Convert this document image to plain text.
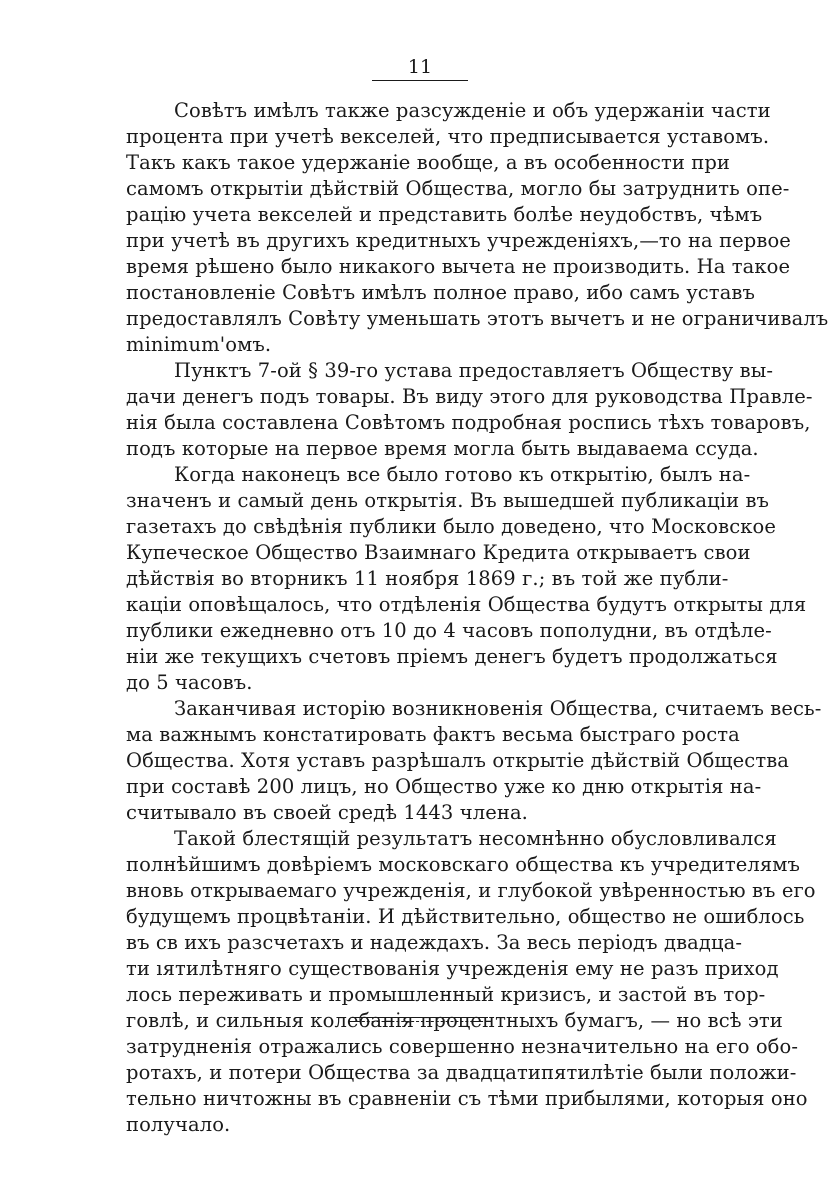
11

Совѣтъ имѣлъ также разсужденіе и объ удержаніи части
процента при учетѣ векселей, что предписывается уставомъ.
Такъ какъ такое удержаніе вообще, а въ особенности при
самомъ открытіи дѣйствій Общества, могло бы затруднить опе-
рацію учета векселей и представить болѣе неудобствъ, чѣмъ
при учетѣ въ другихъ кредитныхъ учрежденіяхъ,—то на первое
время рѣшено было никакого вычета не производить. На такое
постановленіе Совѣтъ имѣлъ полное право, ибо самъ уставъ
предоставлялъ Совѣту уменьшать этотъ вычетъ и не ограничивалъ
minimum'омъ.

Пунктъ 7-ой § 39-го устава предоставляетъ Обществу вы-
дачи денегъ подъ товары. Въ виду этого для руководства Правле-
нія была составлена Совѣтомъ подробная роспись тѣхъ товаровъ,
подъ которые на первое время могла быть выдаваема ссуда.

Когда наконецъ все было готово къ открытію, былъ на-
значенъ и самый день открытія. Въ вышедшей публикаціи въ
газетахъ до свѣдѣнія публики было доведено, что Московское
Купеческое Общество Взаимнаго Кредита открываетъ свои
дѣйствія во вторникъ 11 ноября 1869 г.; въ той же публи-
каціи оповѣщалось, что отдѣленія Общества будутъ открыты для
публики ежедневно отъ 10 до 4 часовъ пополудни, въ отдѣле-
ніи же текущихъ счетовъ пріемъ денегъ будетъ продолжаться
до 5 часовъ.

Заканчивая исторію возникновенія Общества, считаемъ весь-
ма важнымъ констатировать фактъ весьма быстраго роста
Общества. Хотя уставъ разрѣшалъ открытіе дѣйствій Общества
при составѣ 200 лицъ, но Общество уже ко дню открытія на-
считывало въ своей средѣ 1443 члена.

Такой блестящій результатъ несомнѣнно обусловливался
полнѣйшимъ довѣріемъ московскаго общества къ учредителямъ
вновь открываемаго учрежденія, и глубокой увѣренностью въ его
будущемъ процвѣтаніи. И дѣйствительно, общество не ошиблось
въ св ихъ разсчетахъ и надеждахъ. За весь періодъ двадца-
ти ıятилѣтняго существованія учрежденія ему не разъ приход
лось переживать и промышленный кризисъ, и застой въ тор-
говлѣ, и сильныя колебанія процентныхъ бумагъ, — но всѣ эти
затрудненія отражались совершенно незначительно на его обо-
ротахъ, и потери Общества за двадцатипятилѣтіе были положи-
тельно ничтожны въ сравненіи съ тѣми прибылями, которыя оно
получало.
